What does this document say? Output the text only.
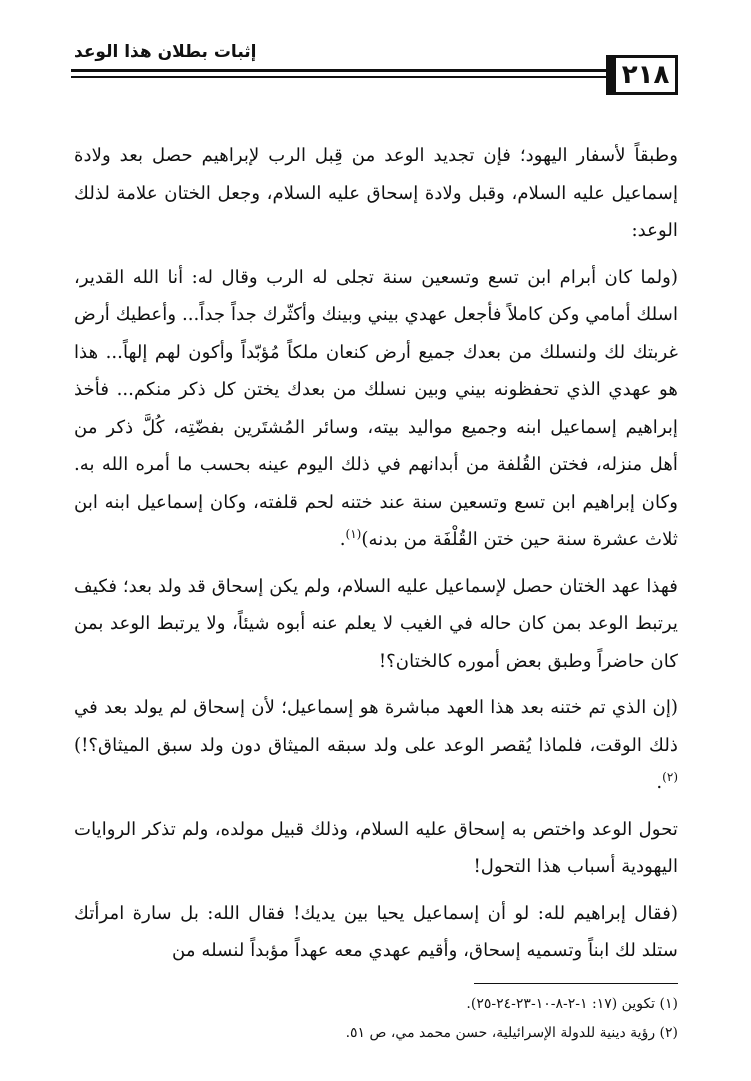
إثبات بطلان هذا الوعد
٢١٨

وطبقاً لأسفار اليهود؛ فإن تجديد الوعد من قِبل الرب لإبراهيم حصل بعد ولادة إسماعيل عليه السلام، وقبل ولادة إسحاق عليه السلام، وجعل الختان علامة لذلك الوعد:

(ولما كان أبرام ابن تسع وتسعين سنة تجلى له الرب وقال له: أنا الله القدير، اسلك أمامي وكن كاملاً فأجعل عهدي بيني وبينك وأكثّرك جداً جداً... وأعطيك أرض غربتك لك ولنسلك من بعدك جميع أرض كنعان ملكاً مُؤبّداً وأكون لهم إلهاً... هذا هو عهدي الذي تحفظونه بيني وبين نسلك من بعدك يختن كل ذكر منكم... فأخذ إبراهيم إسماعيل ابنه وجميع مواليد بيته، وسائر المُشتَرين بفضّتِه، كُلَّ ذكر من أهل منزله، فختن القُلفة من أبدانهم في ذلك اليوم عينه بحسب ما أمره الله به. وكان إبراهيم ابن تسع وتسعين سنة عند ختنه لحم قلفته، وكان إسماعيل ابنه ابن ثلاث عشرة سنة حين ختن القُلْفَة من بدنه)$^{(١)}$.

فهذا عهد الختان حصل لإسماعيل عليه السلام، ولم يكن إسحاق قد ولد بعد؛ فكيف يرتبط الوعد بمن كان حاله في الغيب لا يعلم عنه أبوه شيئاً، ولا يرتبط الوعد بمن كان حاضراً وطبق بعض أموره كالختان؟!

(إن الذي تم ختنه بعد هذا العهد مباشرة هو إسماعيل؛ لأن إسحاق لم يولد بعد في ذلك الوقت، فلماذا يُقصر الوعد على ولد سبقه الميثاق دون ولد سبق الميثاق؟!)$^{(٢)}$.

تحول الوعد واختص به إسحاق عليه السلام، وذلك قبيل مولده، ولم تذكر الروايات اليهودية أسباب هذا التحول!

(فقال إبراهيم لله: لو أن إسماعيل يحيا بين يديك! فقال الله: بل سارة امرأتك ستلد لك ابناً وتسميه إسحاق، وأقيم عهدي معه عهداً مؤبداً لنسله من

(١) تكوين (١٧: ١-٢-٨-١٠-٢٣-٢٤-٢٥).

(٢) رؤية دينية للدولة الإسرائيلية، حسن محمد مي، ص ٥١.
